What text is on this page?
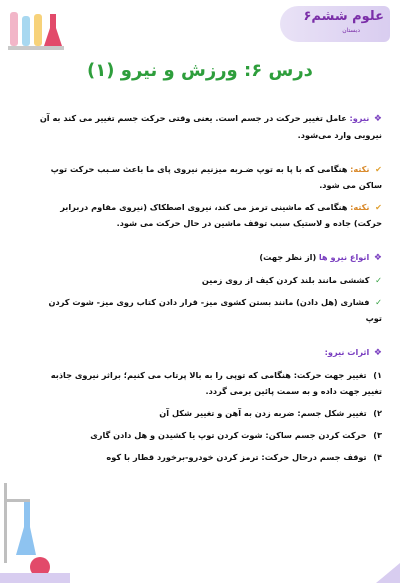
علوم ششم۶
دبستان
درس ۶: ورزش و نیرو (۱)

❖ نیرو: عامل تغییر حرکت در جسم است. یعنی وقتی حرکت جسم تغییر می کند به آن نیرویی وارد می‌شود.

✔ نکته: هنگامی که با پا به توپ ضـربه میزنیم نیروی پای ما باعث سـبب حرکت توپ ساکن می شود.

✔ نکته: هنگامی که ماشینی ترمز می کند، نیروی اصطکاک (نیروی مقاوم دربرابر حرکت) جاده و لاستیک سبب توقف ماشین در حال حرکت می شود.

❖ انواع نیرو ها (از نظر جهت)

✓ کششی مانند بلند کردن کیف از روی زمین

✓ فشاری (هل دادن) مانند بستن کشوی میز- قرار دادن کتاب روی میز- شوت کردن توپ

❖ اثرات نیرو:

۱) تغییر جهت حرکت: هنگامی که توپی را به بالا پرتاب می کنیم؛ براثر نیروی جاذبه تغییر جهت داده و به سمت پائین برمی گردد.

۲) تغییر شکل جسم: ضربه زدن به آهن و تغییر شکل آن

۳) حرکت کردن جسم ساکن: شوت کردن توپ یا کشیدن و هل دادن گاری

۴) توقف جسم درحال حرکت: ترمز کردن خودرو-برخورد قطار با کوه
